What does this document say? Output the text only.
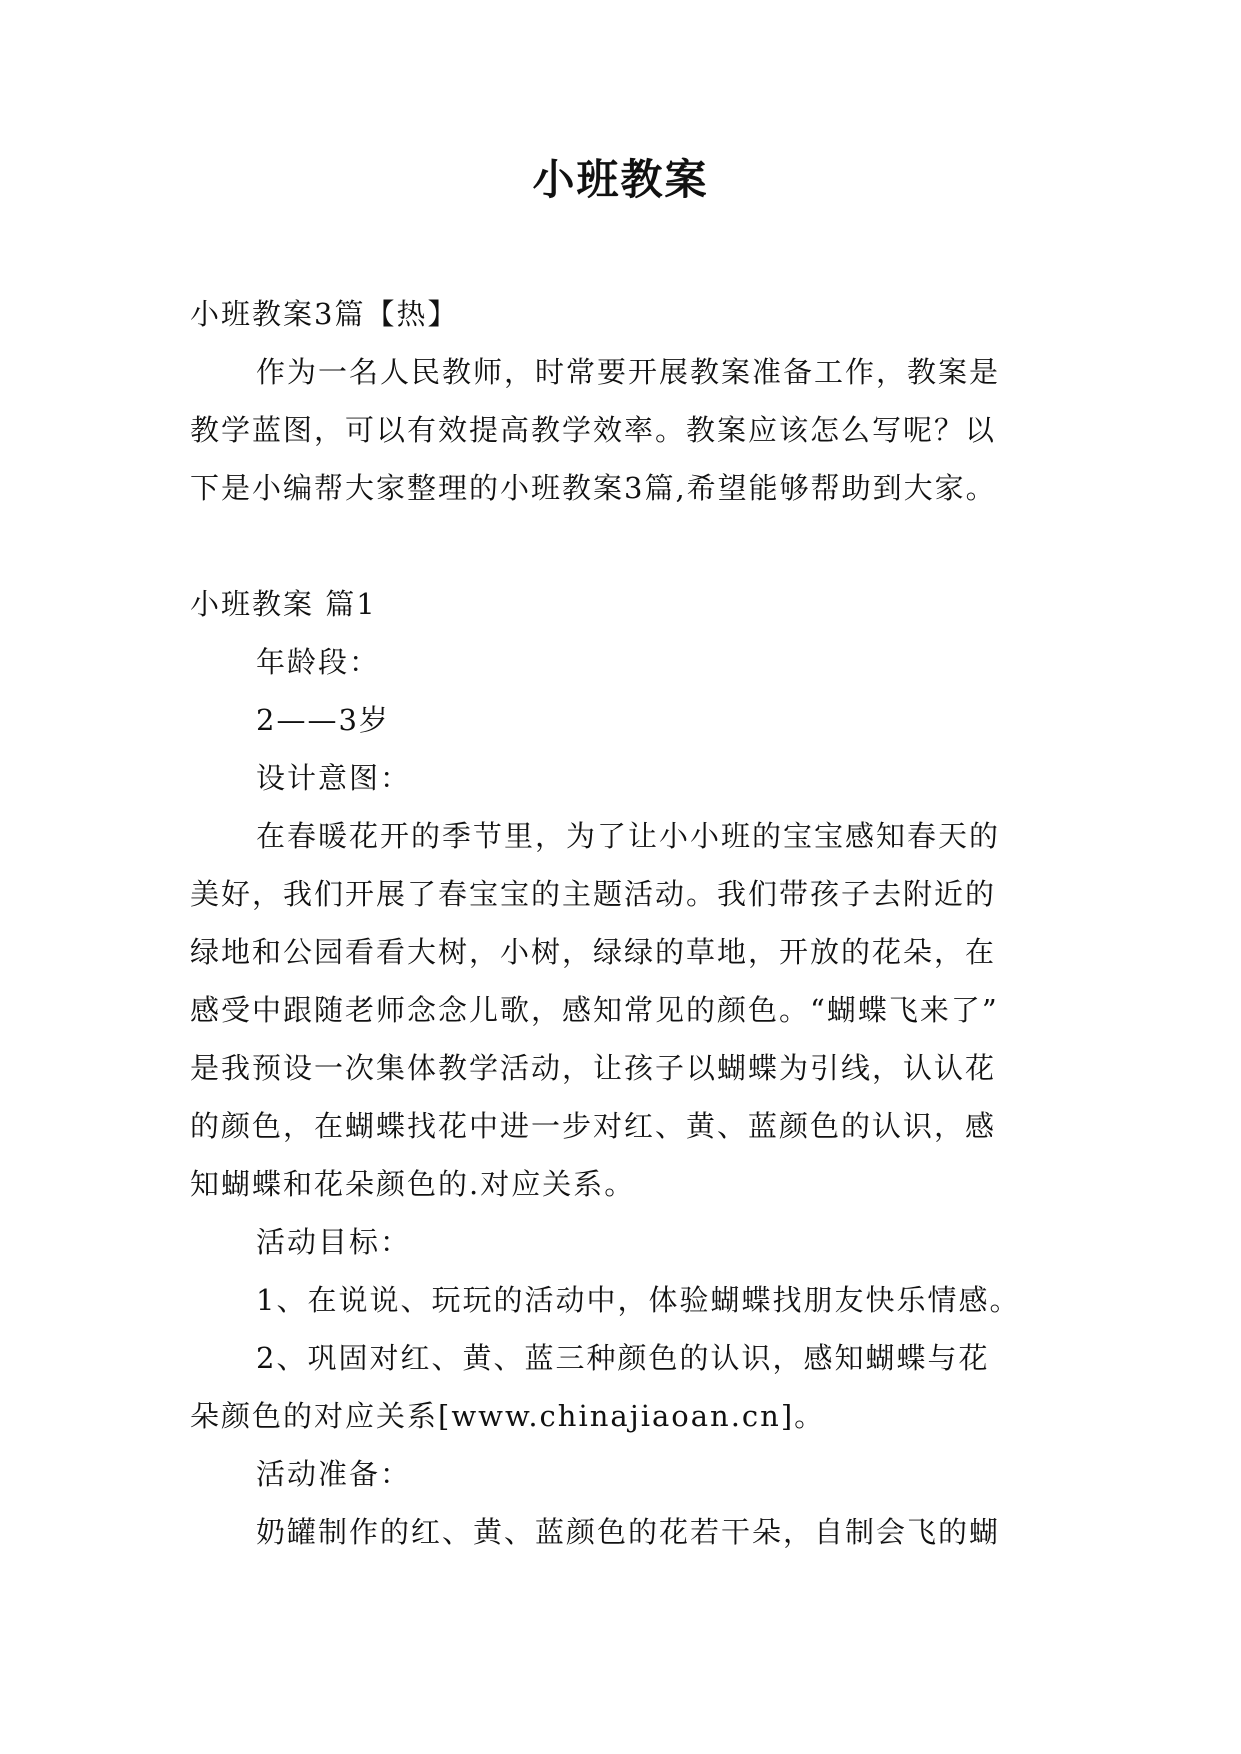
小班教案

小班教案3篇【热】

作为一名人民教师，时常要开展教案准备工作，教案是

教学蓝图，可以有效提高教学效率。教案应该怎么写呢？以

下是小编帮大家整理的小班教案3篇,希望能够帮助到大家。

小班教案 篇1

年龄段：

2——3岁

设计意图：

在春暖花开的季节里，为了让小小班的宝宝感知春天的

美好，我们开展了春宝宝的主题活动。我们带孩子去附近的

绿地和公园看看大树，小树，绿绿的草地，开放的花朵，在

感受中跟随老师念念儿歌，感知常见的颜色。“蝴蝶飞来了”

是我预设一次集体教学活动，让孩子以蝴蝶为引线，认认花

的颜色，在蝴蝶找花中进一步对红、黄、蓝颜色的认识，感

知蝴蝶和花朵颜色的.对应关系。

活动目标：

1、在说说、玩玩的活动中，体验蝴蝶找朋友快乐情感。

2、巩固对红、黄、蓝三种颜色的认识，感知蝴蝶与花

朵颜色的对应关系[www.chinajiaoan.cn]。

活动准备：

奶罐制作的红、黄、蓝颜色的花若干朵，自制会飞的蝴
